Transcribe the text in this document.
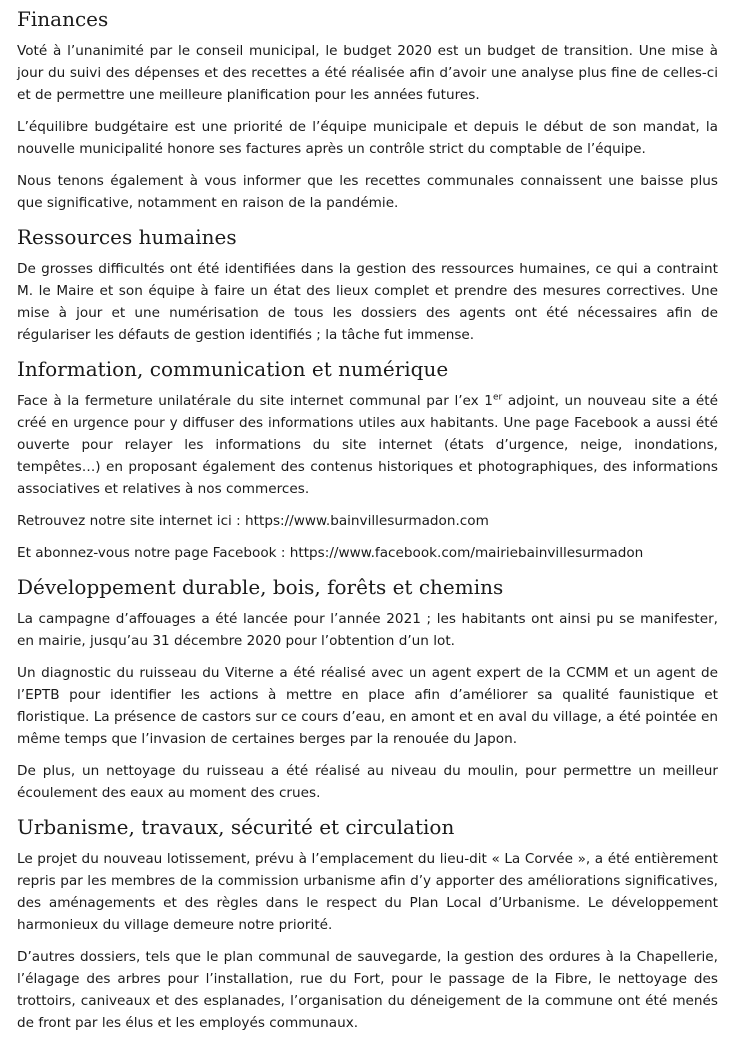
Finances

Voté à l’unanimité par le conseil municipal, le budget 2020 est un budget de transition. Une mise à jour du suivi des dépenses et des recettes a été réalisée afin d’avoir une analyse plus fine de celles-ci et de permettre une meilleure planification pour les années futures.

L’équilibre budgétaire est une priorité de l’équipe municipale et depuis le début de son mandat, la nouvelle municipalité honore ses factures après un contrôle strict du comptable de l’équipe.

Nous tenons également à vous informer que les recettes communales connaissent une baisse plus que significative, notamment en raison de la pandémie.

Ressources humaines

De grosses difficultés ont été identifiées dans la gestion des ressources humaines, ce qui a contraint M. le Maire et son équipe à faire un état des lieux complet et prendre des mesures correctives. Une mise à jour et une numérisation de tous les dossiers des agents ont été nécessaires afin de régulariser les défauts de gestion identifiés ; la tâche fut immense.

Information, communication et numérique

Face à la fermeture unilatérale du site internet communal par l’ex 1er adjoint, un nouveau site a été créé en urgence pour y diffuser des informations utiles aux habitants. Une page Facebook a aussi été ouverte pour relayer les informations du site internet (états d’urgence, neige, inondations, tempêtes…) en proposant également des contenus historiques et photographiques, des informations associatives et relatives à nos commerces.

Retrouvez notre site internet ici : https://www.bainvillesurmadon.com

Et abonnez-vous notre page Facebook : https://www.facebook.com/mairiebainvillesurmadon

Développement durable, bois, forêts et chemins

La campagne d’affouages a été lancée pour l’année 2021 ; les habitants ont ainsi pu se manifester, en mairie, jusqu’au 31 décembre 2020 pour l’obtention d’un lot.

Un diagnostic du ruisseau du Viterne a été réalisé avec un agent expert de la CCMM et un agent de l’EPTB pour identifier les actions à mettre en place afin d’améliorer sa qualité faunistique et floristique. La présence de castors sur ce cours d’eau, en amont et en aval du village, a été pointée en même temps que l’invasion de certaines berges par la renouée du Japon.

De plus, un nettoyage du ruisseau a été réalisé au niveau du moulin, pour permettre un meilleur écoulement des eaux au moment des crues.

Urbanisme, travaux, sécurité et circulation

Le projet du nouveau lotissement, prévu à l’emplacement du lieu-dit « La Corvée », a été entièrement repris par les membres de la commission urbanisme afin d’y apporter des améliorations significatives, des aménagements et des règles dans le respect du Plan Local d’Urbanisme. Le développement harmonieux du village demeure notre priorité.

D’autres dossiers, tels que le plan communal de sauvegarde, la gestion des ordures à la Chapellerie, l’élagage des arbres pour l’installation, rue du Fort, pour le passage de la Fibre, le nettoyage des trottoirs, caniveaux et des esplanades, l’organisation du déneigement de la commune ont été menés de front par les élus et les employés communaux.
